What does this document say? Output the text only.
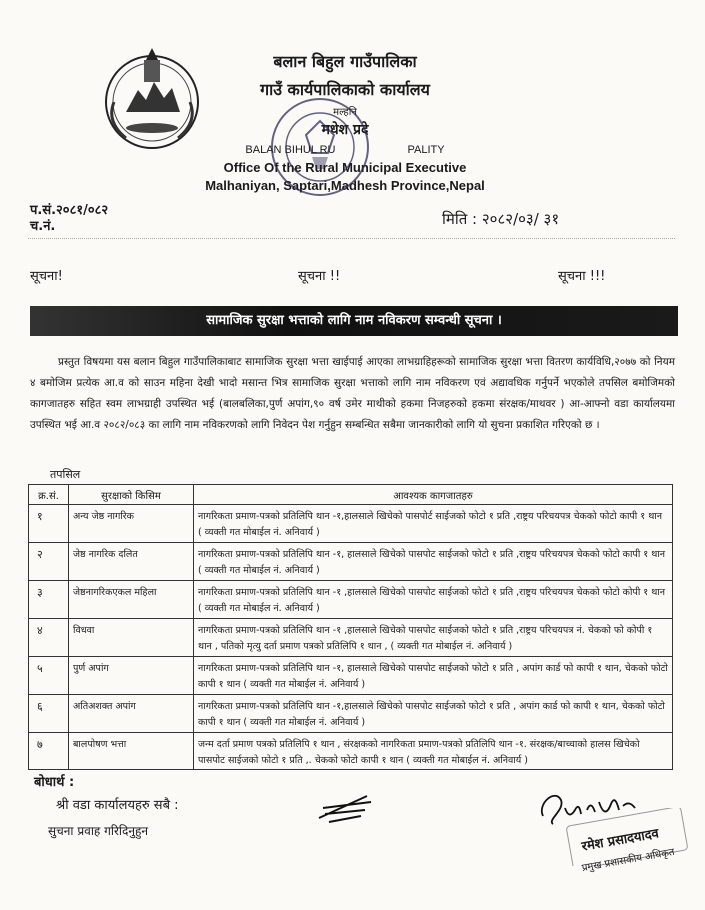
बलान बिहुल गाउँपालिका
गाउँ कार्यपालिकाको कार्यालय
मल्हनि
मधेश प्रदे
BALAN BIHUL RU	PALITY
Office Of the Rural Municipal Executive
Malhaniyan, Saptari,Madhesh Province,Nepal
प.सं.२०८१/०८२
च.नं.	मिति : २०८२/०३/ ३१
सूचना!	सूचना !!	सूचना !!!
सामाजिक सुरक्षा भत्ताको लागि नाम नविकरण सम्वन्धी सूचना ।
प्रस्तुत विषयमा यस बलान बिहुल गाउँपालिकाबाट सामाजिक सुरक्षा भत्ता खाईपाई आएका लाभग्राहिहरूको सामाजिक सुरक्षा भत्ता वितरण कार्यविधि,२०७७ को नियम ४ बमोजिम प्रत्येक आ.व को साउन महिना देखी भादो मसान्त भित्र सामाजिक सुरक्षा भत्ताको लागि नाम नविकरण एवं अद्यावधिक गर्नुपर्ने भएकोले तपसिल बमोजिमको कागजातहरु सहित स्वम लाभग्राही उपस्थित भई (बालबलिका,पुर्ण अपांग,९० वर्ष उमेर माथीको हकमा निजहरुको हकमा संरक्षक/माथवर ) आ-आफ्नो वडा कार्यालयमा उपस्थित भई आ.व २०८२/०८३ का लागि नाम नविकरणको लागि निवेदन पेश गर्नुहुन सम्बन्धित सबैमा जानकारीको लागि यो सुचना प्रकाशित गरिएको छ ।
तपसिल
क्र.सं.	सुरक्षाको किसिम	आवश्यक कागजातहरु
१	अन्य जेष्ठ नागरिक	नागरिकता प्रमाण-पत्रको प्रतिलिपि थान -१,हालसाले खिचेको पासपोर्ट साईजको फोटो १ प्रति ,राष्ट्रय परिचयपत्र चेकको फोटो कापी १ थान ( व्यक्ती गत मोबाईल नं. अनिवार्य )
२	जेष्ठ नागरिक दलित	नागरिकता प्रमाण-पत्रको प्रतिलिपि थान -१, हालसाले खिचेको पासपोट साईजको फोटो १ प्रति ,राष्ट्रय परिचयपत्र चेकको फोटो कापी १ थान ( व्यक्ती गत मोबाईल नं. अनिवार्य )
३	जेष्ठनागरिकएकल महिला	नागरिकता प्रमाण-पत्रको प्रतिलिपि थान -१ ,हालसाले खिचेको पासपोट साईजको फोटो १ प्रति ,राष्ट्रय परिचयपत्र चेकको फोटो कोपी १ थान ( व्यक्ती गत मोबाईल नं. अनिवार्य )
४	विधवा	नागरिकता प्रमाण-पत्रको प्रतिलिपि थान -१ ,हालसाले खिचेको पासपोट साईजको फोटो १ प्रति ,राष्ट्रय परिचयपत्र नं. चेकको फो कोपी १ थान , पतिको मृत्यु दर्ता प्रमाण पत्रको प्रतिलिपि १ थान , ( व्यक्ती गत मोबाईल नं. अनिवार्य )
५	पुर्ण अपांग	नागरिकता प्रमाण-पत्रको प्रतिलिपि थान -१, हालसाले खिचेको पासपोट साईजको फोटो १ प्रति , अपांग कार्ड फो कापी १ थान, चेकको फोटो कापी १ थान ( व्यक्ती गत मोबाईल नं. अनिवार्य )
६	अतिअशक्त अपांग	नागरिकता प्रमाण-पत्रको प्रतिलिपि थान -१,हालसाले खिचेको पासपोट साईजको फोटो १ प्रति , अपांग कार्ड फो कापी १ थान, चेकको फोटो कापी १ थान ( व्यक्ती गत मोबाईल नं. अनिवार्य )
७	बालपोषण भत्ता	जन्म दर्ता प्रमाण पत्रको प्रतिलिपि १ थान , संरक्षकको नागरिकता प्रमाण-पत्रको प्रतिलिपि थान -१. संरक्षक/बाच्चाको हालस खिचेको पासपोट साईजको फोटो १ प्रति ,. चेकको फोटो कापी १ थान ( व्यक्ती गत मोबाईल नं. अनिवार्य )
बोधार्थ :
श्री वडा कार्यालयहरु सबै :
सुचना प्रवाह गरिदिनुहुन	रमेश प्रसादयादव
प्रमुख प्रशासकीय अधिकृत
